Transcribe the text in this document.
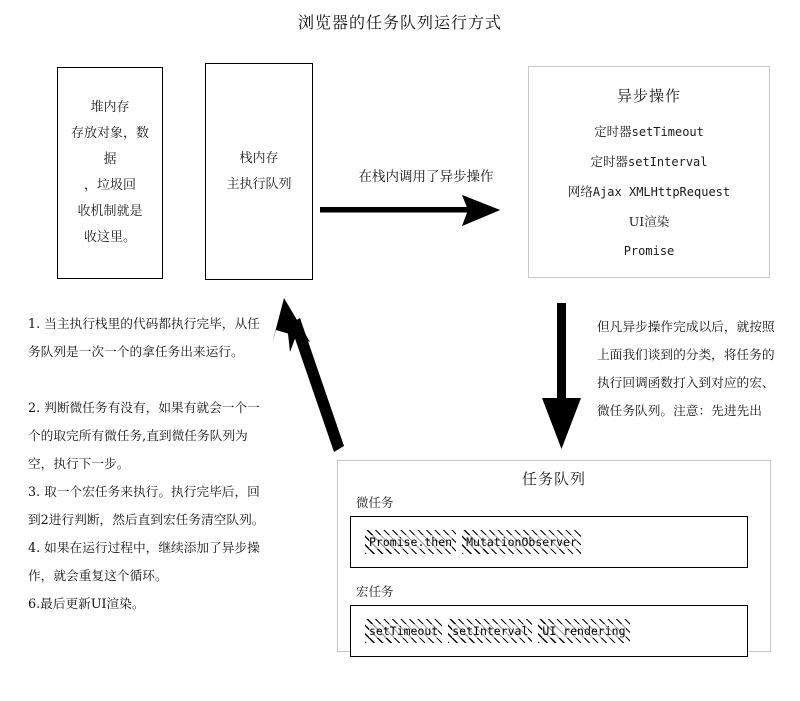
浏览器的任务队列运行方式
堆内存
存放对象，数据
，垃圾回
收机制就是
收这里。
栈内存
主执行队列
异步操作
定时器setTimeout
定时器setInterval
网络Ajax XMLHttpRequest
UI渲染
Promise
在栈内调用了异步操作
任务队列
微任务
Promise.then	MutationObserver
宏任务
setTimeout	setInterval	UI rendering

1. 当主执行栈里的代码都执行完毕，从任务队列是一次一个的拿任务出来运行。

2. 判断微任务有没有，如果有就会一个一个的取完所有微任务,直到微任务队列为空，执行下一步。

3. 取一个宏任务来执行。执行完毕后，回到2进行判断，然后直到宏任务清空队列。

4. 如果在运行过程中，继续添加了异步操作，就会重复这个循环。

6.最后更新UI渲染。

但凡异步操作完成以后，就按照上面我们谈到的分类，将任务的执行回调函数打入到对应的宏、微任务队列。注意：先进先出
